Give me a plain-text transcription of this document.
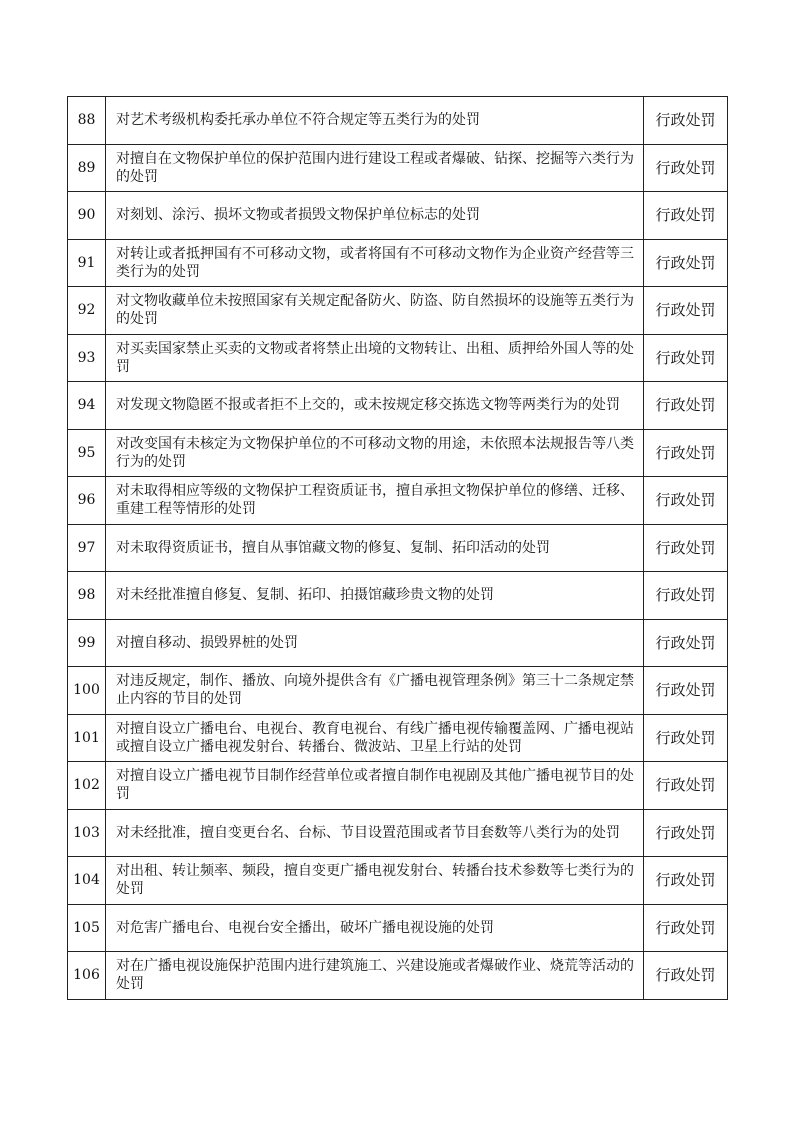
88	对艺术考级机构委托承办单位不符合规定等五类行为的处罚	行政处罚
89	对擅自在文物保护单位的保护范围内进行建设工程或者爆破、钻探、挖掘等六类行为的处罚	行政处罚
90	对刻划、涂污、损坏文物或者损毁文物保护单位标志的处罚	行政处罚
91	对转让或者抵押国有不可移动文物，或者将国有不可移动文物作为企业资产经营等三类行为的处罚	行政处罚
92	对文物收藏单位未按照国家有关规定配备防火、防盗、防自然损坏的设施等五类行为的处罚	行政处罚
93	对买卖国家禁止买卖的文物或者将禁止出境的文物转让、出租、质押给外国人等的处罚	行政处罚
94	对发现文物隐匿不报或者拒不上交的，或未按规定移交拣选文物等两类行为的处罚	行政处罚
95	对改变国有未核定为文物保护单位的不可移动文物的用途，未依照本法规报告等八类行为的处罚	行政处罚
96	对未取得相应等级的文物保护工程资质证书，擅自承担文物保护单位的修缮、迁移、重建工程等情形的处罚	行政处罚
97	对未取得资质证书，擅自从事馆藏文物的修复、复制、拓印活动的处罚	行政处罚
98	对未经批准擅自修复、复制、拓印、拍摄馆藏珍贵文物的处罚	行政处罚
99	对擅自移动、损毁界桩的处罚	行政处罚
100	对违反规定，制作、播放、向境外提供含有《广播电视管理条例》第三十二条规定禁止内容的节目的处罚	行政处罚
101	对擅自设立广播电台、电视台、教育电视台、有线广播电视传输覆盖网、广播电视站或擅自设立广播电视发射台、转播台、微波站、卫星上行站的处罚	行政处罚
102	对擅自设立广播电视节目制作经营单位或者擅自制作电视剧及其他广播电视节目的处罚	行政处罚
103	对未经批准，擅自变更台名、台标、节目设置范围或者节目套数等八类行为的处罚	行政处罚
104	对出租、转让频率、频段，擅自变更广播电视发射台、转播台技术参数等七类行为的处罚	行政处罚
105	对危害广播电台、电视台安全播出，破坏广播电视设施的处罚	行政处罚
106	对在广播电视设施保护范围内进行建筑施工、兴建设施或者爆破作业、烧荒等活动的处罚	行政处罚
